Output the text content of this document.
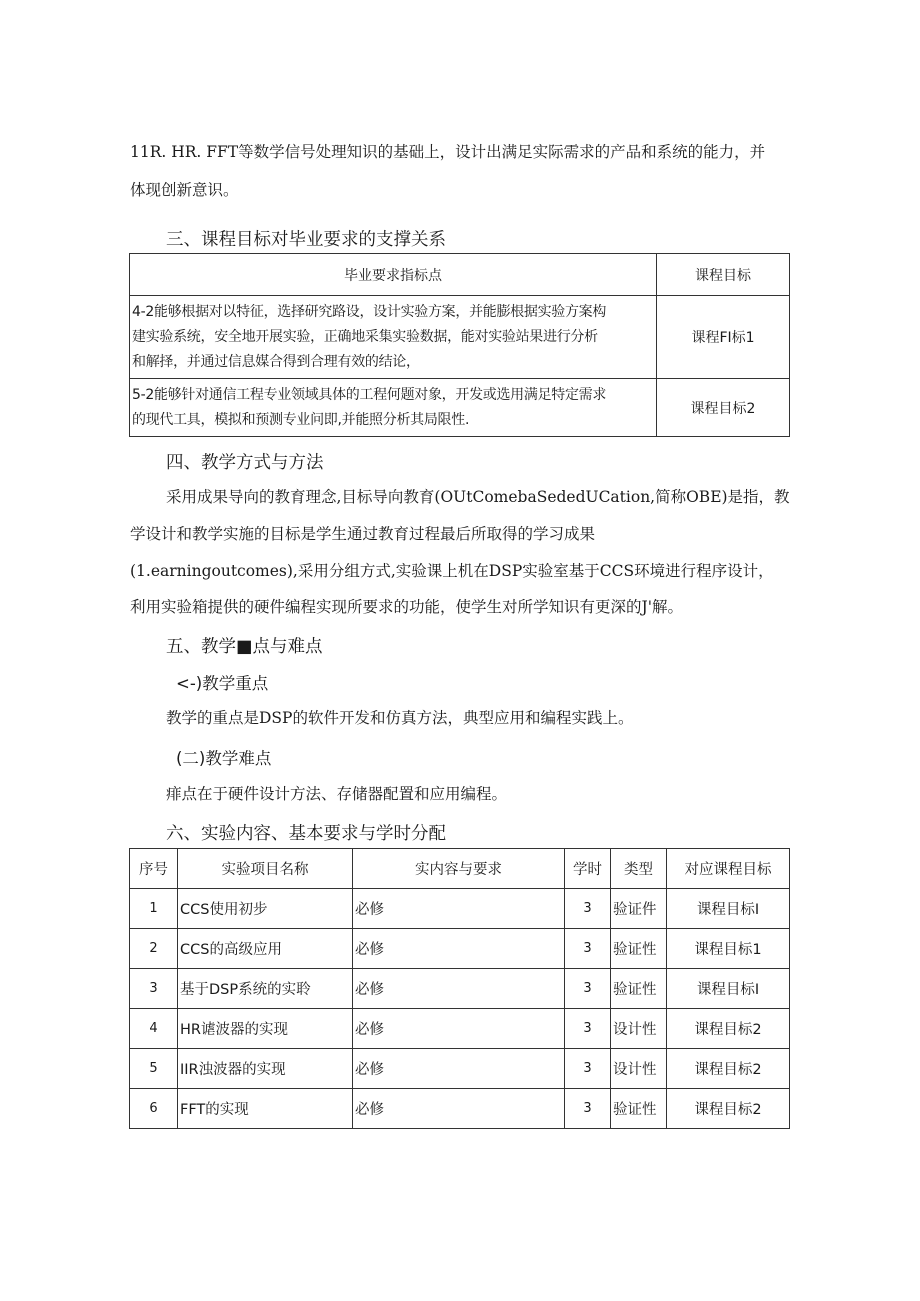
11R. HR. FFT等数学信号处理知识的基础上，设计出满足实际需求的产品和系统的能力，并
体现创新意识。
三、课程目标对毕业要求的支撑关系
毕业要求指标点	课程目标

4-2能够根据对以特征，选择研究路设，设计实验方案，并能膨根据实验方案构
建实验系统，安全地开展实验，正确地采集实验数据，能对实验站果进行分析
和解择，并通过信息媒合得到合理有效的结论，	课程FI标1

5-2能够针对通信工程专业领域具体的工程何题对象，开发或选用满足特定需求
的现代工具，模拟和预测专业问即,并能照分析其局限性.	课程目标2
四、教学方式与方法
采用成果导向的教育理念,目标导向教育(OUtComebaSededUCation,简称OBE)是指，教
学设计和教学实施的目标是学生通过教育过程最后所取得的学习成果
(1.earningoutcomes),采用分组方式,实验课上机在DSP实验室基于CCS环境进行程序设计，
利用实验箱提供的硬件编程实现所要求的功能，使学生对所学知识有更深的J'解。
五、教学■点与难点
<-)教学重点
教学的重点是DSP的软件开发和仿真方法，典型应用和编程实践上。
(二)教学难点
痱点在于硬件设计方法、存储器配置和应用编程。
六、实验内容、基本要求与学时分配
序号	实验项目名称	实内容与要求	学时	类型	对应课程目标
1	CCS使用初步	必修	3	验证件	课程目标I
2	CCS的高级应用	必修	3	验证性	课程目标1
3	基于DSP系统的实聆	必修	3	验证性	课程目标I
4	HR谑波器的实现	必修	3	设计性	课程目标2
5	IIR浊波器的实现	必修	3	设计性	课程目标2
6	FFT的实现	必修	3	验证性	课程目标2
